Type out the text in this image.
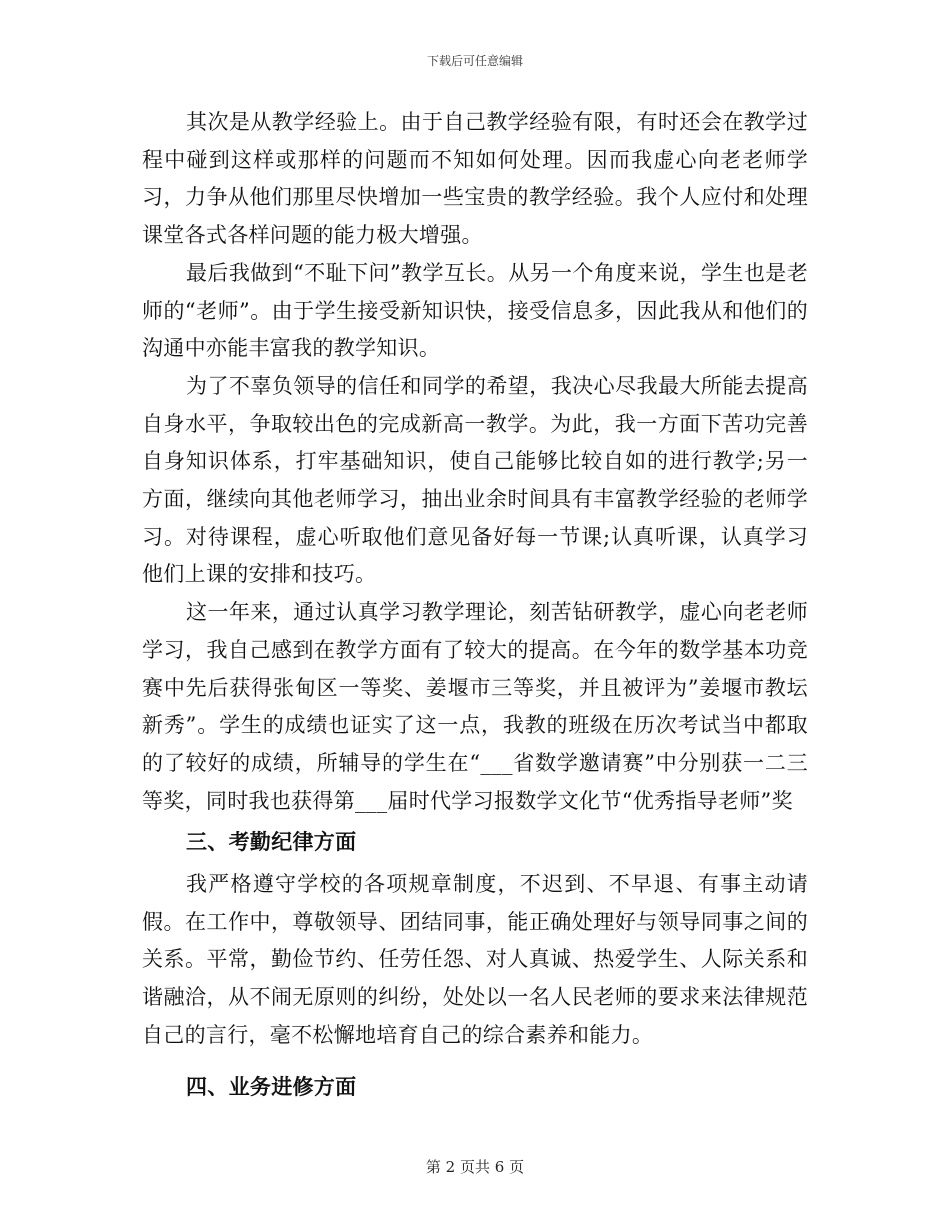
下载后可任意编辑

其次是从教学经验上。由于自己教学经验有限，有时还会在教学过程中碰到这样或那样的问题而不知如何处理。因而我虚心向老老师学习，力争从他们那里尽快增加一些宝贵的教学经验。我个人应付和处理课堂各式各样问题的能力极大增强。

最后我做到“不耻下问”教学互长。从另一个角度来说，学生也是老师的“老师”。由于学生接受新知识快，接受信息多，因此我从和他们的沟通中亦能丰富我的教学知识。

为了不辜负领导的信任和同学的希望，我决心尽我最大所能去提高自身水平，争取较出色的完成新高一教学。为此，我一方面下苦功完善自身知识体系，打牢基础知识，使自己能够比较自如的进行教学;另一方面，继续向其他老师学习，抽出业余时间具有丰富教学经验的老师学习。对待课程，虚心听取他们意见备好每一节课;认真听课，认真学习他们上课的安排和技巧。

这一年来，通过认真学习教学理论，刻苦钻研教学，虚心向老老师学习，我自己感到在教学方面有了较大的提高。在今年的数学基本功竞赛中先后获得张甸区一等奖、姜堰市三等奖，并且被评为”姜堰市教坛新秀”。学生的成绩也证实了这一点，我教的班级在历次考试当中都取的了较好的成绩，所辅导的学生在“___省数学邀请赛”中分别获一二三等奖，同时我也获得第___届时代学习报数学文化节“优秀指导老师”奖

三、考勤纪律方面

我严格遵守学校的各项规章制度，不迟到、不早退、有事主动请假。在工作中，尊敬领导、团结同事，能正确处理好与领导同事之间的关系。平常，勤俭节约、任劳任怨、对人真诚、热爱学生、人际关系和谐融洽，从不闹无原则的纠纷，处处以一名人民老师的要求来法律规范自己的言行，毫不松懈地培育自己的综合素养和能力。

四、业务进修方面

第 2 页共 6 页
